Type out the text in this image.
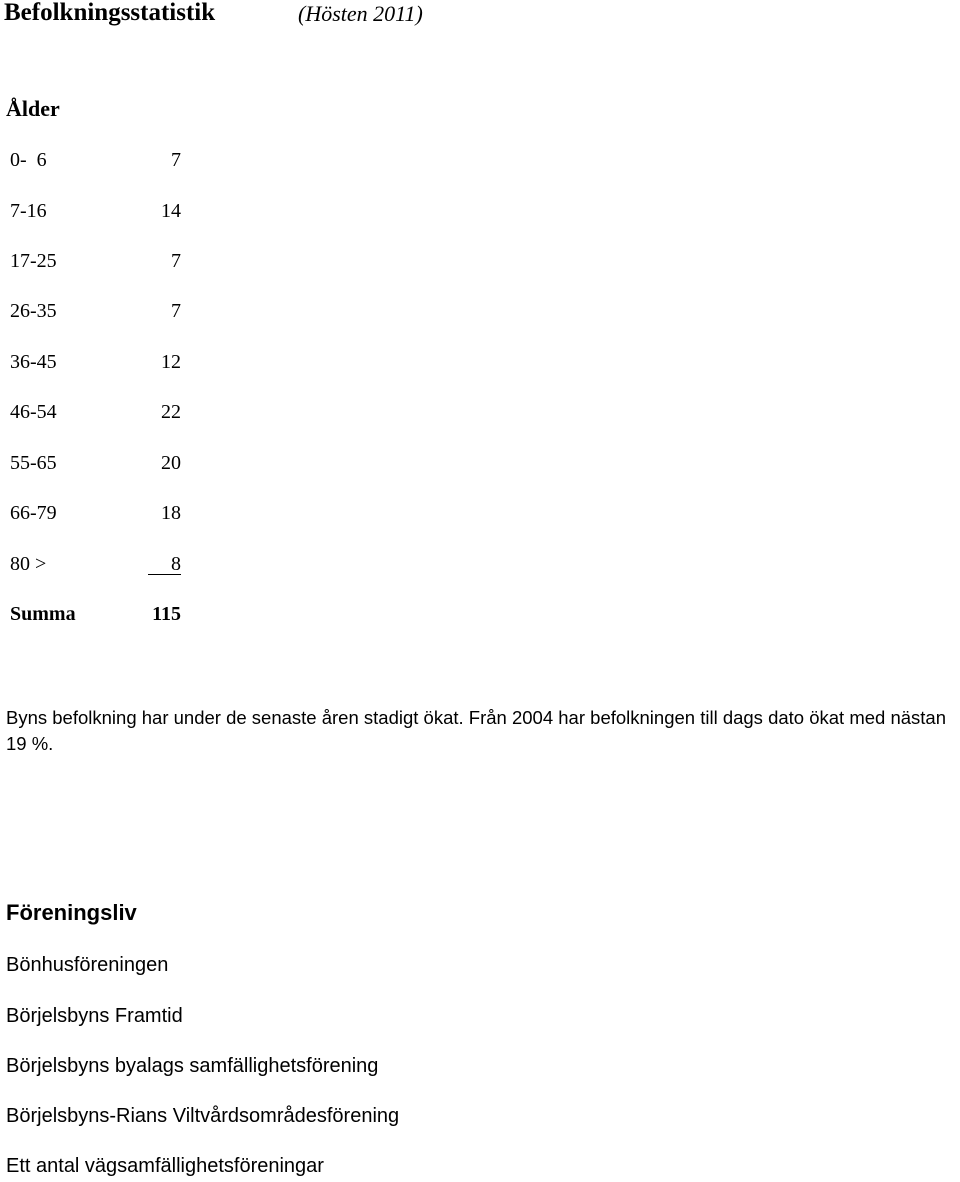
Befolkningsstatistik	(Hösten 2011)
Ålder
0-  6	7
7-16	14
17-25	7
26-35	7
36-45	12
46-54	22
55-65	20
66-79	18
80 >	8
Summa	115
Byns befolkning har under de senaste åren stadigt ökat. Från 2004 har befolkningen till dags dato ökat med nästan 19 %.
Föreningsliv
Bönhusföreningen
Börjelsbyns Framtid
Börjelsbyns byalags samfällighetsförening
Börjelsbyns-Rians Viltvårdsområdesförening
Ett antal vägsamfällighetsföreningar
